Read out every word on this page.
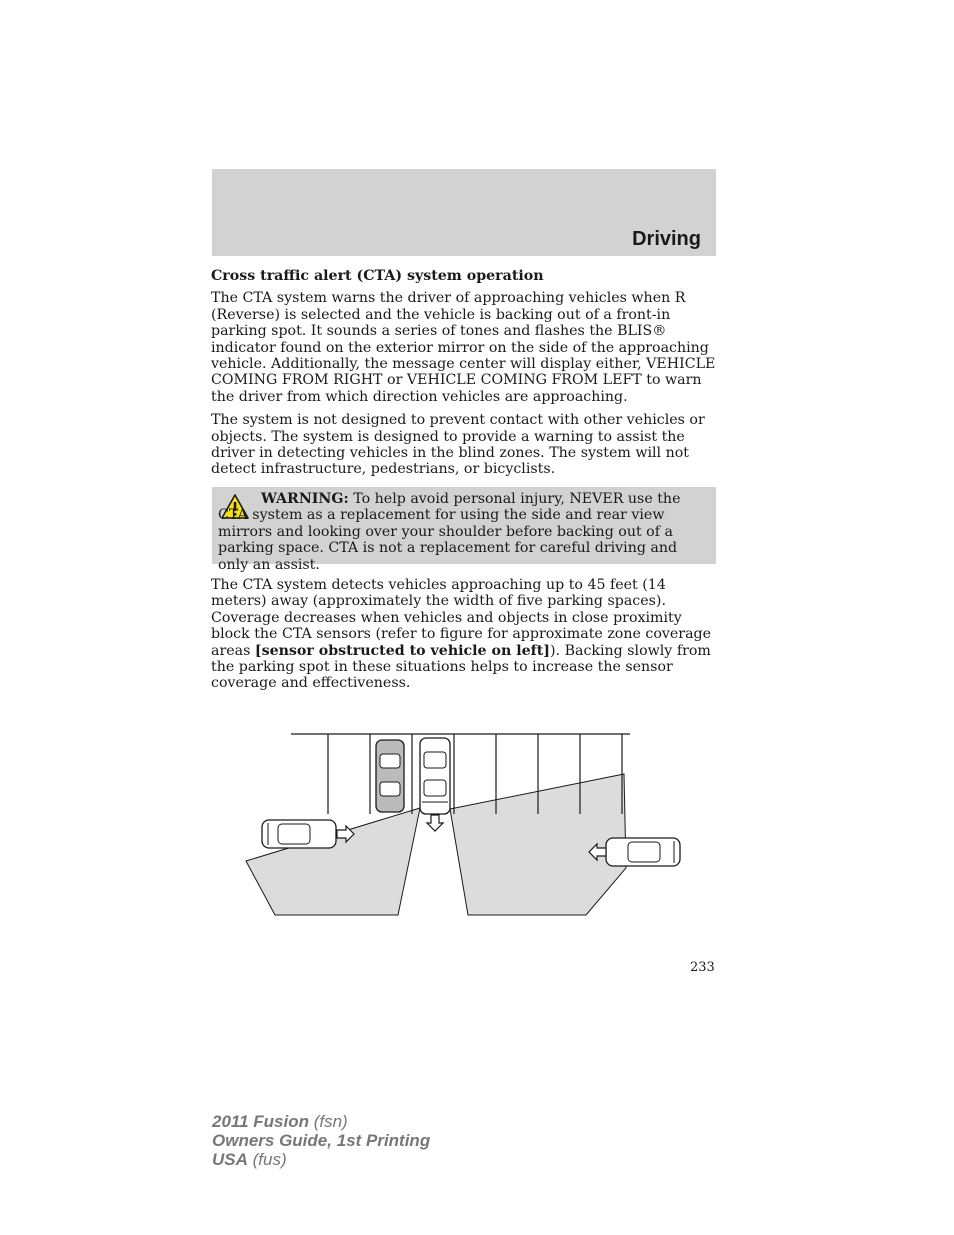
Driving

Cross traffic alert (CTA) system operation

The CTA system warns the driver of approaching vehicles when R (Reverse) is selected and the vehicle is backing out of a front-in parking spot. It sounds a series of tones and flashes the BLIS® indicator found on the exterior mirror on the side of the approaching vehicle. Additionally, the message center will display either, VEHICLE COMING FROM RIGHT or VEHICLE COMING FROM LEFT to warn the driver from which direction vehicles are approaching.

The system is not designed to prevent contact with other vehicles or objects. The system is designed to provide a warning to assist the driver in detecting vehicles in the blind zones. The system will not detect infrastructure, pedestrians, or bicyclists.

WARNING: To help avoid personal injury, NEVER use the CTA system as a replacement for using the side and rear view mirrors and looking over your shoulder before backing out of a parking space. CTA is not a replacement for careful driving and only an assist.

The CTA system detects vehicles approaching up to 45 feet (14 meters) away (approximately the width of five parking spaces). Coverage decreases when vehicles and objects in close proximity block the CTA sensors (refer to figure for approximate zone coverage areas [sensor obstructed to vehicle on left]). Backing slowly from the parking spot in these situations helps to increase the sensor coverage and effectiveness.

233
2011 Fusion (fsn)
Owners Guide, 1st Printing
USA (fus)
